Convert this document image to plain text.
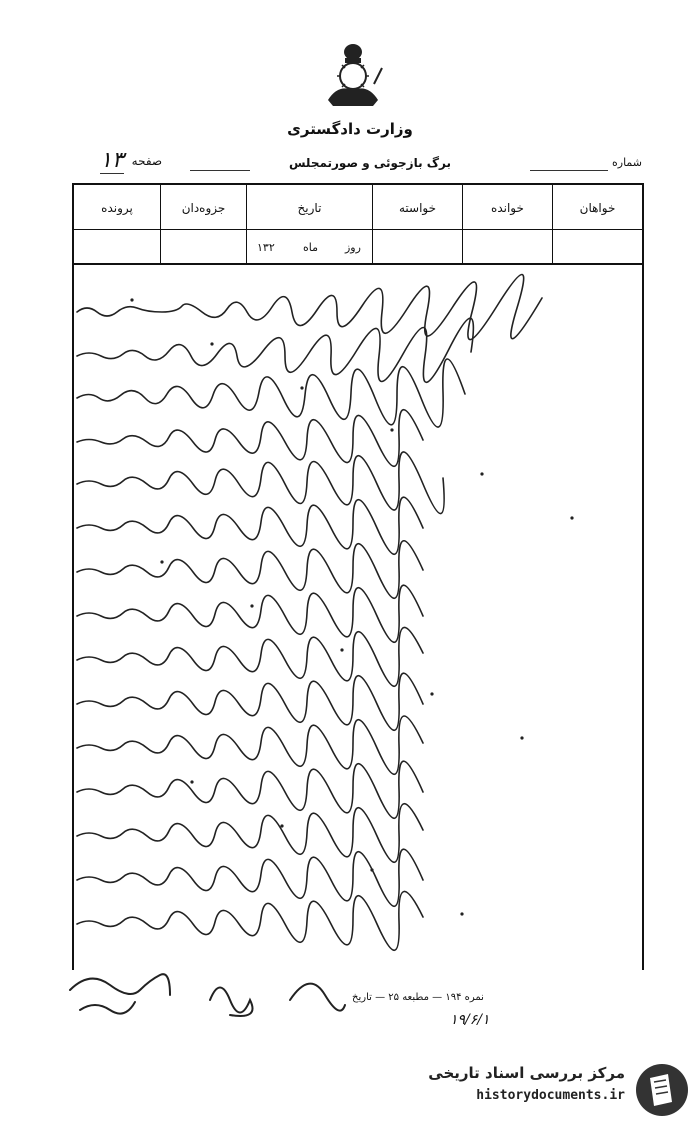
وزارت دادگستری
صفحه
۱۳	برگ بازجوئی و صورتمجلس	شماره
خواهان
خوانده
خواسته
تاریخ
روز
ماه
۱۳۲
جزوه‌دان
پرونده
نمره ۱۹۴ — مطبعه ۲۵ — تاریخ
۱۹/۶/۱
مرکز بررسی اسناد تاریخی
historydocuments.ir
